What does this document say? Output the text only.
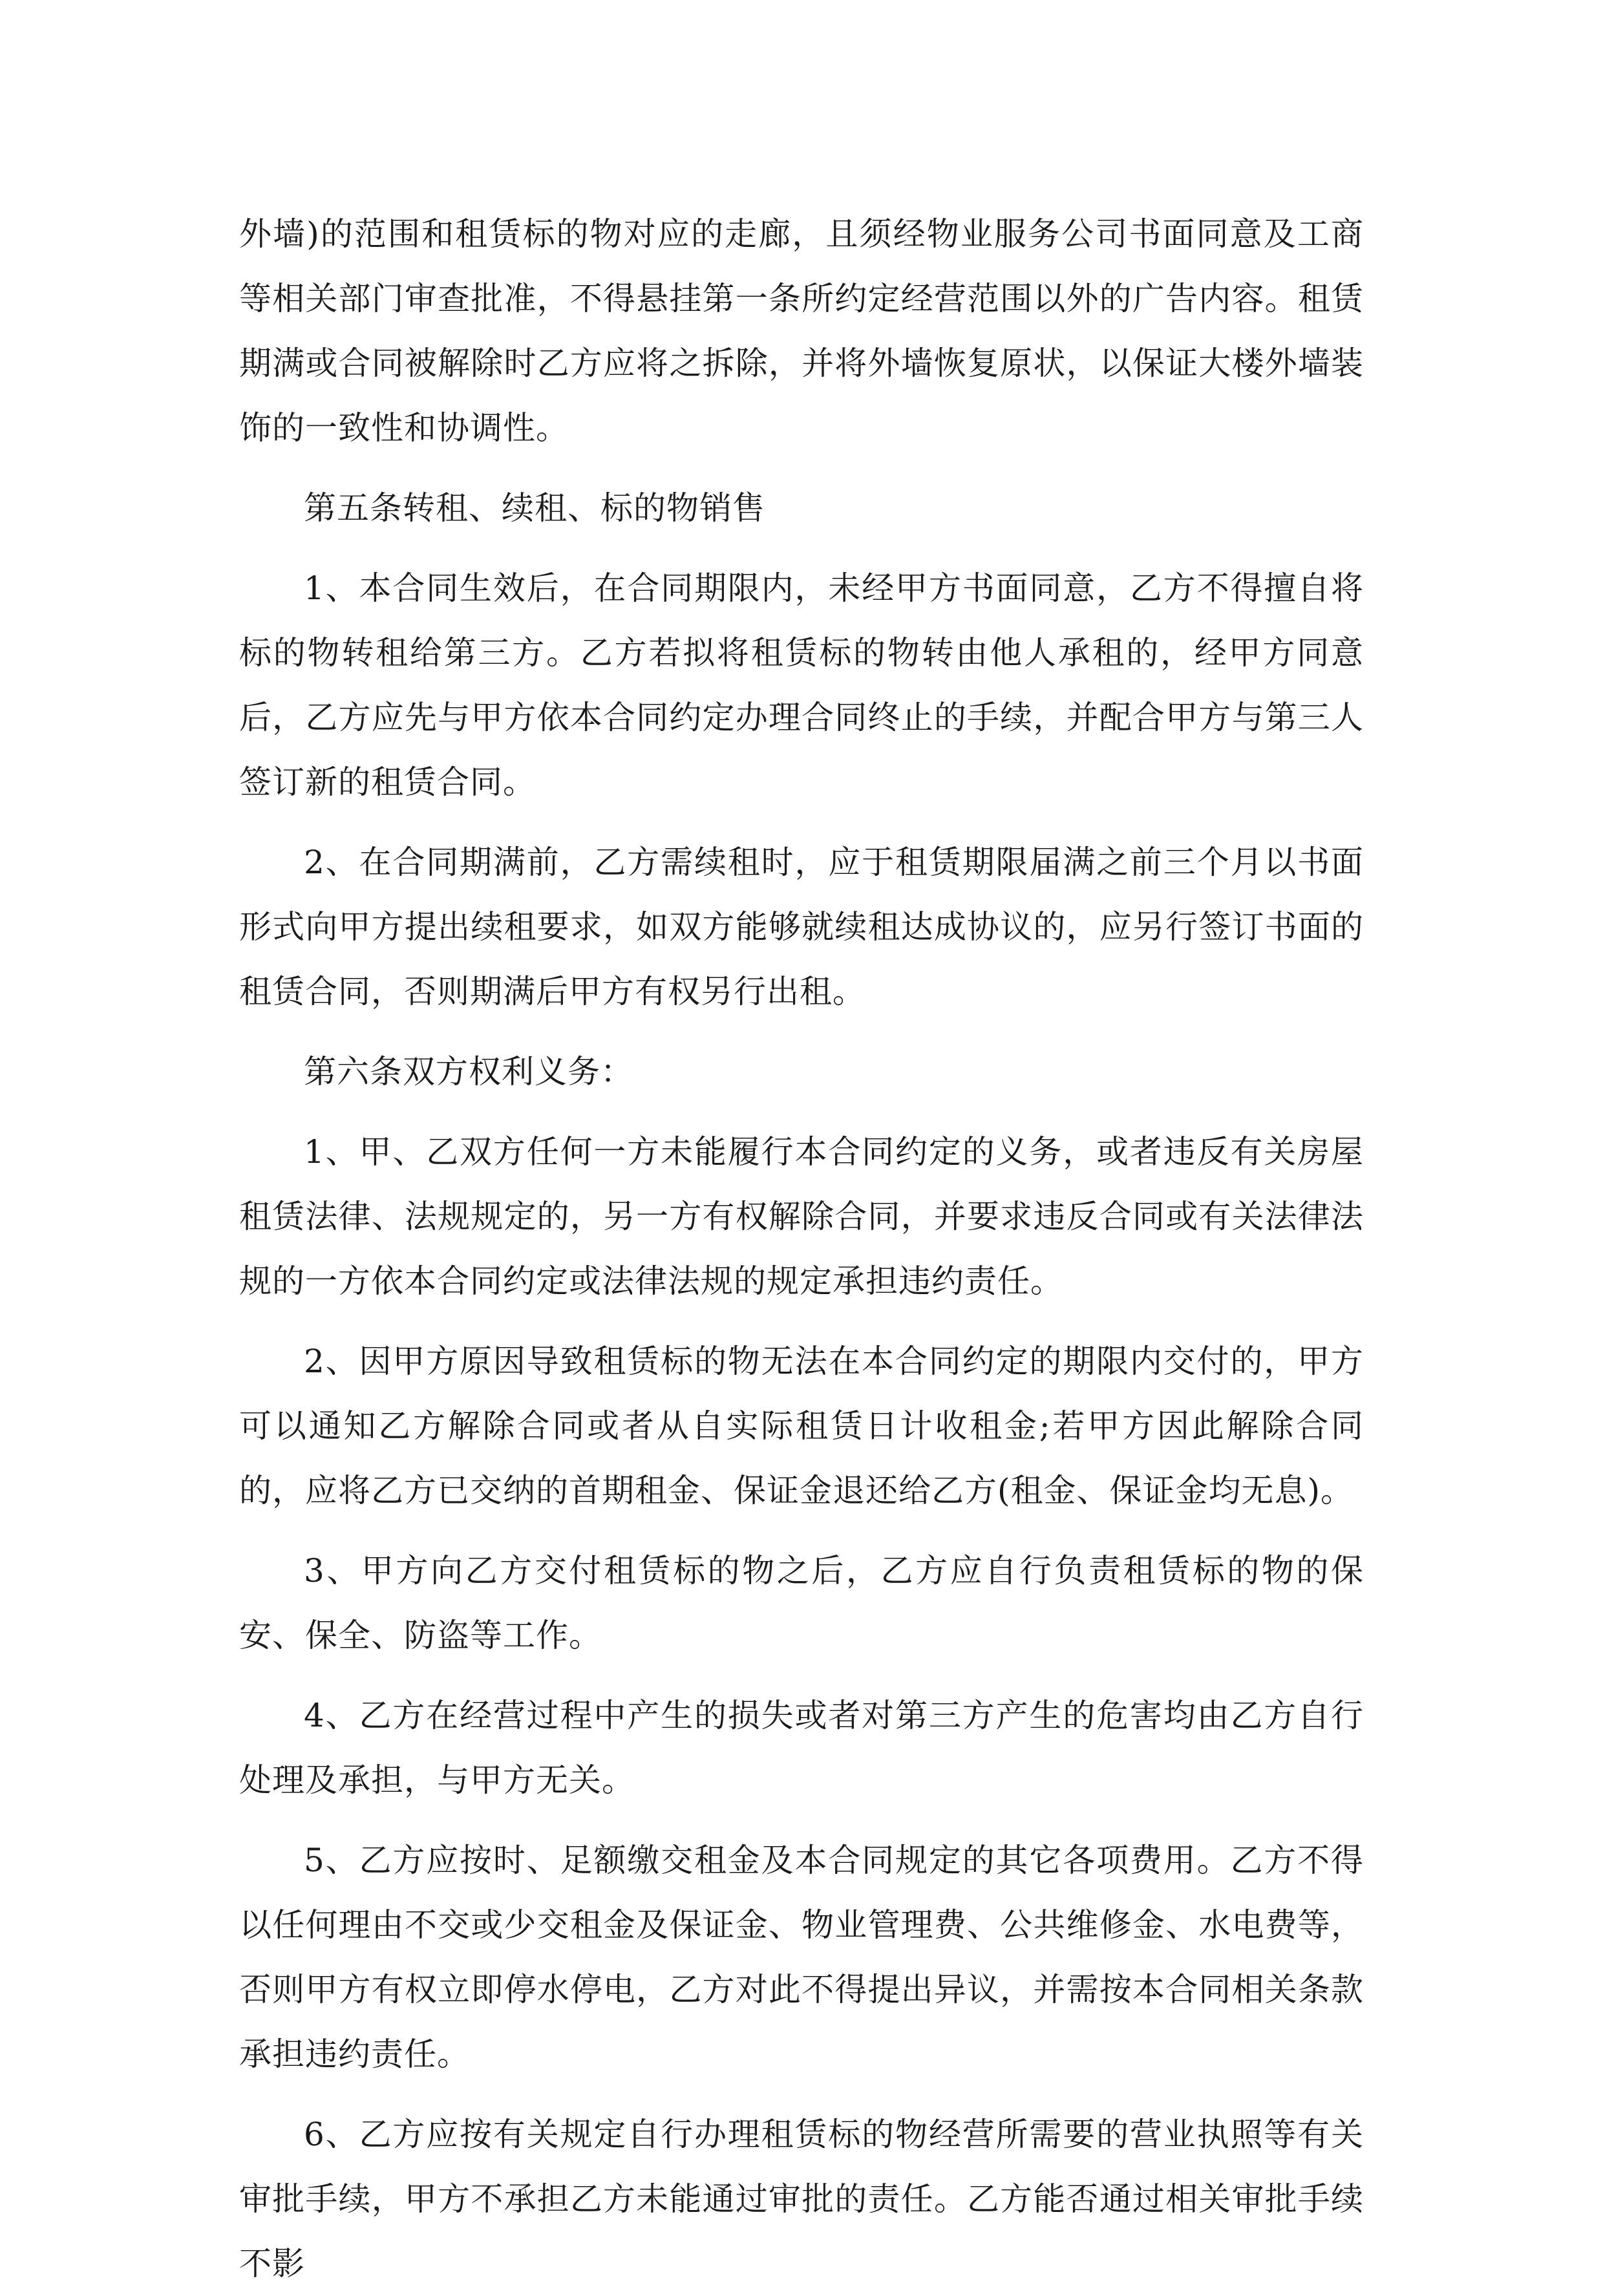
外墙)的范围和租赁标的物对应的走廊，且须经物业服务公司书面同意及工商等相关部门审查批准，不得悬挂第一条所约定经营范围以外的广告内容。租赁期满或合同被解除时乙方应将之拆除，并将外墙恢复原状，以保证大楼外墙装饰的一致性和协调性。

第五条转租、续租、标的物销售

1、本合同生效后，在合同期限内，未经甲方书面同意，乙方不得擅自将标的物转租给第三方。乙方若拟将租赁标的物转由他人承租的，经甲方同意后，乙方应先与甲方依本合同约定办理合同终止的手续，并配合甲方与第三人签订新的租赁合同。

2、在合同期满前，乙方需续租时，应于租赁期限届满之前三个月以书面形式向甲方提出续租要求，如双方能够就续租达成协议的，应另行签订书面的租赁合同，否则期满后甲方有权另行出租。

第六条双方权利义务：

1、甲、乙双方任何一方未能履行本合同约定的义务，或者违反有关房屋租赁法律、法规规定的，另一方有权解除合同，并要求违反合同或有关法律法规的一方依本合同约定或法律法规的规定承担违约责任。

2、因甲方原因导致租赁标的物无法在本合同约定的期限内交付的，甲方可以通知乙方解除合同或者从自实际租赁日计收租金;若甲方因此解除合同的，应将乙方已交纳的首期租金、保证金退还给乙方(租金、保证金均无息)。

3、甲方向乙方交付租赁标的物之后，乙方应自行负责租赁标的物的保安、保全、防盗等工作。

4、乙方在经营过程中产生的损失或者对第三方产生的危害均由乙方自行处理及承担，与甲方无关。

5、乙方应按时、足额缴交租金及本合同规定的其它各项费用。乙方不得以任何理由不交或少交租金及保证金、物业管理费、公共维修金、水电费等，否则甲方有权立即停水停电，乙方对此不得提出异议，并需按本合同相关条款承担违约责任。

6、乙方应按有关规定自行办理租赁标的物经营所需要的营业执照等有关审批手续，甲方不承担乙方未能通过审批的责任。乙方能否通过相关审批手续不影
